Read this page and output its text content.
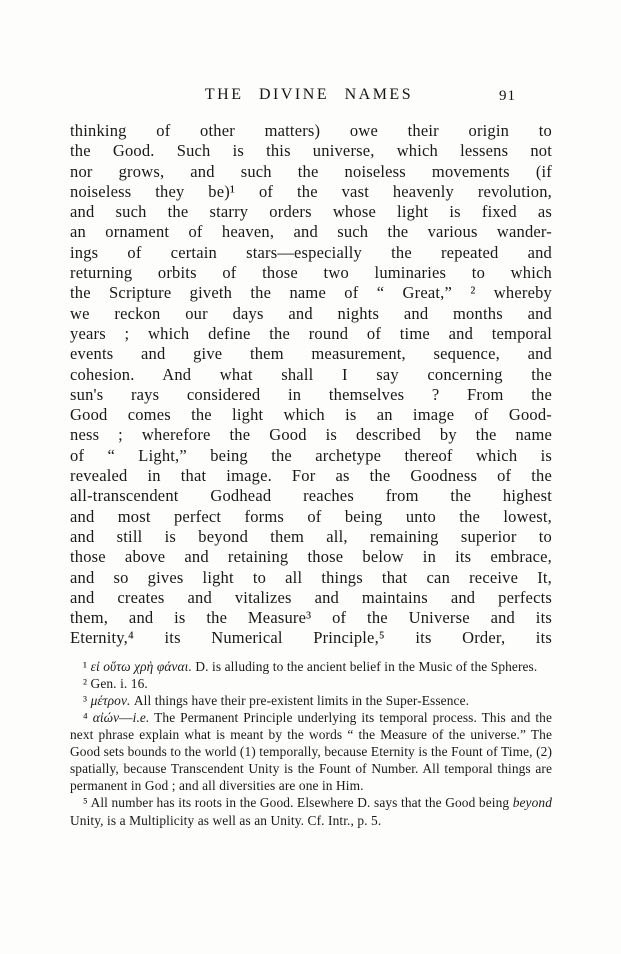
THE DIVINE NAMES	91
thinking of other matters) owe their origin to
the Good. Such is this universe, which lessens not
nor grows, and such the noiseless movements (if
noiseless they be)¹ of the vast heavenly revolution,
and such the starry orders whose light is fixed as
an ornament of heaven, and such the various wander-
ings of certain stars—especially the repeated and
returning orbits of those two luminaries to which
the Scripture giveth the name of “ Great,” ² whereby
we reckon our days and nights and months and
years ; which define the round of time and temporal
events and give them measurement, sequence, and
cohesion. And what shall I say concerning the
sun's rays considered in themselves ? From the
Good comes the light which is an image of Good-
ness ; wherefore the Good is described by the name
of “ Light,” being the archetype thereof which is
revealed in that image. For as the Goodness of the
all-transcendent Godhead reaches from the highest
and most perfect forms of being unto the lowest,
and still is beyond them all, remaining superior to
those above and retaining those below in its embrace,
and so gives light to all things that can receive It,
and creates and vitalizes and maintains and perfects
them, and is the Measure³ of the Universe and its
Eternity,⁴ its Numerical Principle,⁵ its Order, its

¹ εἰ οὕτω χρὴ φάναι. D. is alluding to the ancient belief in the Music of the Spheres.

² Gen. i. 16.

³ μέτρον. All things have their pre-existent limits in the Super-Essence.

⁴ αἰών—i.e. The Permanent Principle underlying its temporal process. This and the next phrase explain what is meant by the words “ the Measure of the universe.” The Good sets bounds to the world (1) temporally, because Eternity is the Fount of Time, (2) spatially, because Transcendent Unity is the Fount of Number. All temporal things are permanent in God ; and all diversities are one in Him.

⁵ All number has its roots in the Good. Elsewhere D. says that the Good being beyond Unity, is a Multiplicity as well as an Unity. Cf. Intr., p. 5.
